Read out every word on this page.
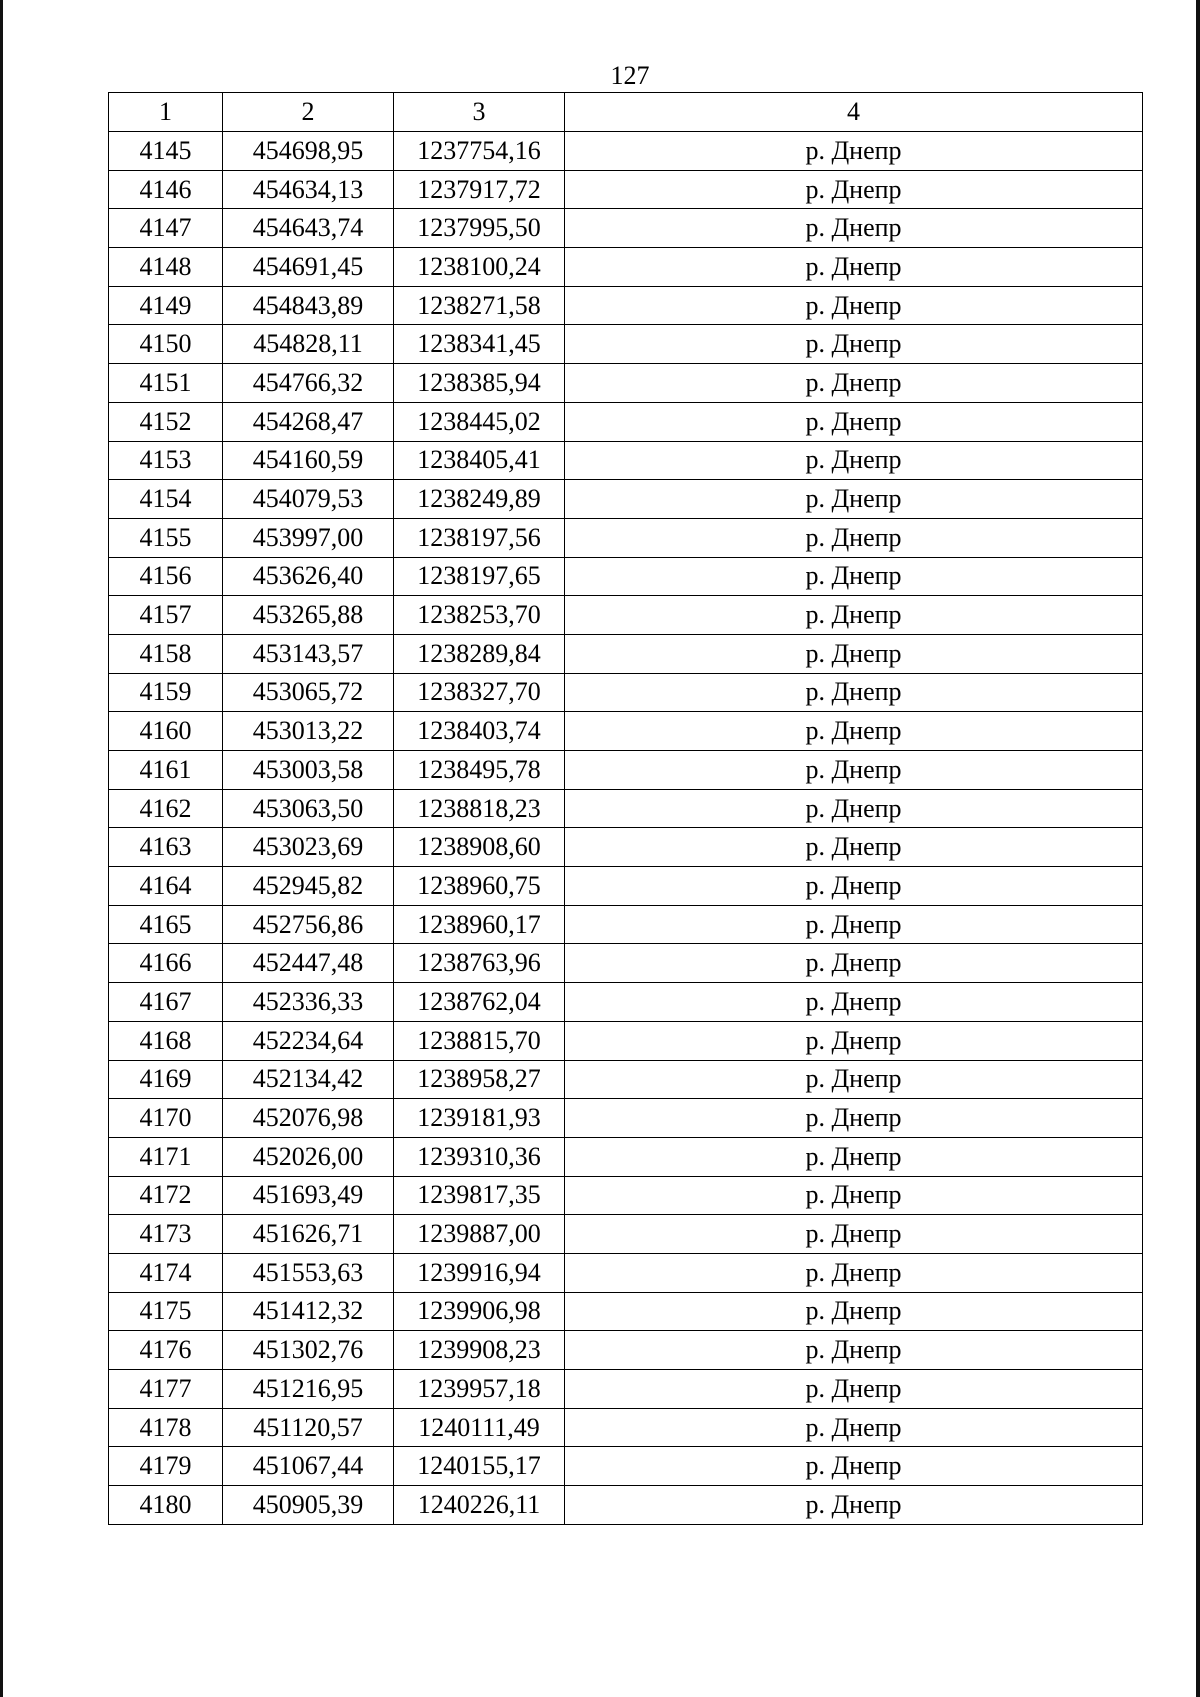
127
1	2	3	4
4145	454698,95	1237754,16	р. Днепр
4146	454634,13	1237917,72	р. Днепр
4147	454643,74	1237995,50	р. Днепр
4148	454691,45	1238100,24	р. Днепр
4149	454843,89	1238271,58	р. Днепр
4150	454828,11	1238341,45	р. Днепр
4151	454766,32	1238385,94	р. Днепр
4152	454268,47	1238445,02	р. Днепр
4153	454160,59	1238405,41	р. Днепр
4154	454079,53	1238249,89	р. Днепр
4155	453997,00	1238197,56	р. Днепр
4156	453626,40	1238197,65	р. Днепр
4157	453265,88	1238253,70	р. Днепр
4158	453143,57	1238289,84	р. Днепр
4159	453065,72	1238327,70	р. Днепр
4160	453013,22	1238403,74	р. Днепр
4161	453003,58	1238495,78	р. Днепр
4162	453063,50	1238818,23	р. Днепр
4163	453023,69	1238908,60	р. Днепр
4164	452945,82	1238960,75	р. Днепр
4165	452756,86	1238960,17	р. Днепр
4166	452447,48	1238763,96	р. Днепр
4167	452336,33	1238762,04	р. Днепр
4168	452234,64	1238815,70	р. Днепр
4169	452134,42	1238958,27	р. Днепр
4170	452076,98	1239181,93	р. Днепр
4171	452026,00	1239310,36	р. Днепр
4172	451693,49	1239817,35	р. Днепр
4173	451626,71	1239887,00	р. Днепр
4174	451553,63	1239916,94	р. Днепр
4175	451412,32	1239906,98	р. Днепр
4176	451302,76	1239908,23	р. Днепр
4177	451216,95	1239957,18	р. Днепр
4178	451120,57	1240111,49	р. Днепр
4179	451067,44	1240155,17	р. Днепр
4180	450905,39	1240226,11	р. Днепр
